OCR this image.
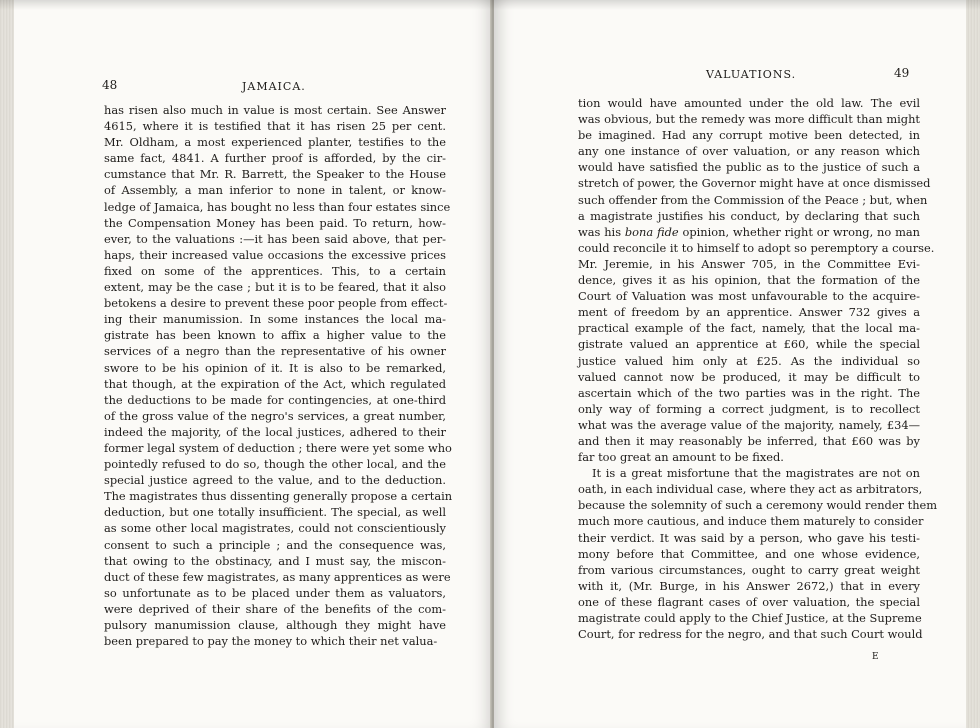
48	JAMAICA.
has risen also much in value is most certain. See Answer
4615, where it is testified that it has risen 25 per cent.
Mr. Oldham, a most experienced planter, testifies to the
same fact, 4841. A further proof is afforded, by the cir-
cumstance that Mr. R. Barrett, the Speaker to the House
of Assembly, a man inferior to none in talent, or know-
ledge of Jamaica, has bought no less than four estates since
the Compensation Money has been paid. To return, how-
ever, to the valuations :—it has been said above, that per-
haps, their increased value occasions the excessive prices
fixed on some of the apprentices. This, to a certain
extent, may be the case ; but it is to be feared, that it also
betokens a desire to prevent these poor people from effect-
ing their manumission. In some instances the local ma-
gistrate has been known to affix a higher value to the
services of a negro than the representative of his owner
swore to be his opinion of it. It is also to be remarked,
that though, at the expiration of the Act, which regulated
the deductions to be made for contingencies, at one-third
of the gross value of the negro's services, a great number,
indeed the majority, of the local justices, adhered to their
former legal system of deduction ; there were yet some who
pointedly refused to do so, though the other local, and the
special justice agreed to the value, and to the deduction.
The magistrates thus dissenting generally propose a certain
deduction, but one totally insufficient. The special, as well
as some other local magistrates, could not conscientiously
consent to such a principle ; and the consequence was,
that owing to the obstinacy, and I must say, the miscon-
duct of these few magistrates, as many apprentices as were
so unfortunate as to be placed under them as valuators,
were deprived of their share of the benefits of the com-
pulsory manumission clause, although they might have
been prepared to pay the money to which their net valua-
VALUATIONS.	49
tion would have amounted under the old law. The evil
was obvious, but the remedy was more difficult than might
be imagined. Had any corrupt motive been detected, in
any one instance of over valuation, or any reason which
would have satisfied the public as to the justice of such a
stretch of power, the Governor might have at once dismissed
such offender from the Commission of the Peace ; but, when
a magistrate justifies his conduct, by declaring that such
was his bona fide opinion, whether right or wrong, no man
could reconcile it to himself to adopt so peremptory a course.
Mr. Jeremie, in his Answer 705, in the Committee Evi-
dence, gives it as his opinion, that the formation of the
Court of Valuation was most unfavourable to the acquire-
ment of freedom by an apprentice. Answer 732 gives a
practical example of the fact, namely, that the local ma-
gistrate valued an apprentice at £60, while the special
justice valued him only at £25. As the individual so
valued cannot now be produced, it may be difficult to
ascertain which of the two parties was in the right. The
only way of forming a correct judgment, is to recollect
what was the average value of the majority, namely, £34—
and then it may reasonably be inferred, that £60 was by
far too great an amount to be fixed.
It is a great misfortune that the magistrates are not on
oath, in each individual case, where they act as arbitrators,
because the solemnity of such a ceremony would render them
much more cautious, and induce them maturely to consider
their verdict. It was said by a person, who gave his testi-
mony before that Committee, and one whose evidence,
from various circumstances, ought to carry great weight
with it, (Mr. Burge, in his Answer 2672,) that in every
one of these flagrant cases of over valuation, the special
magistrate could apply to the Chief Justice, at the Supreme
Court, for redress for the negro, and that such Court would
E
